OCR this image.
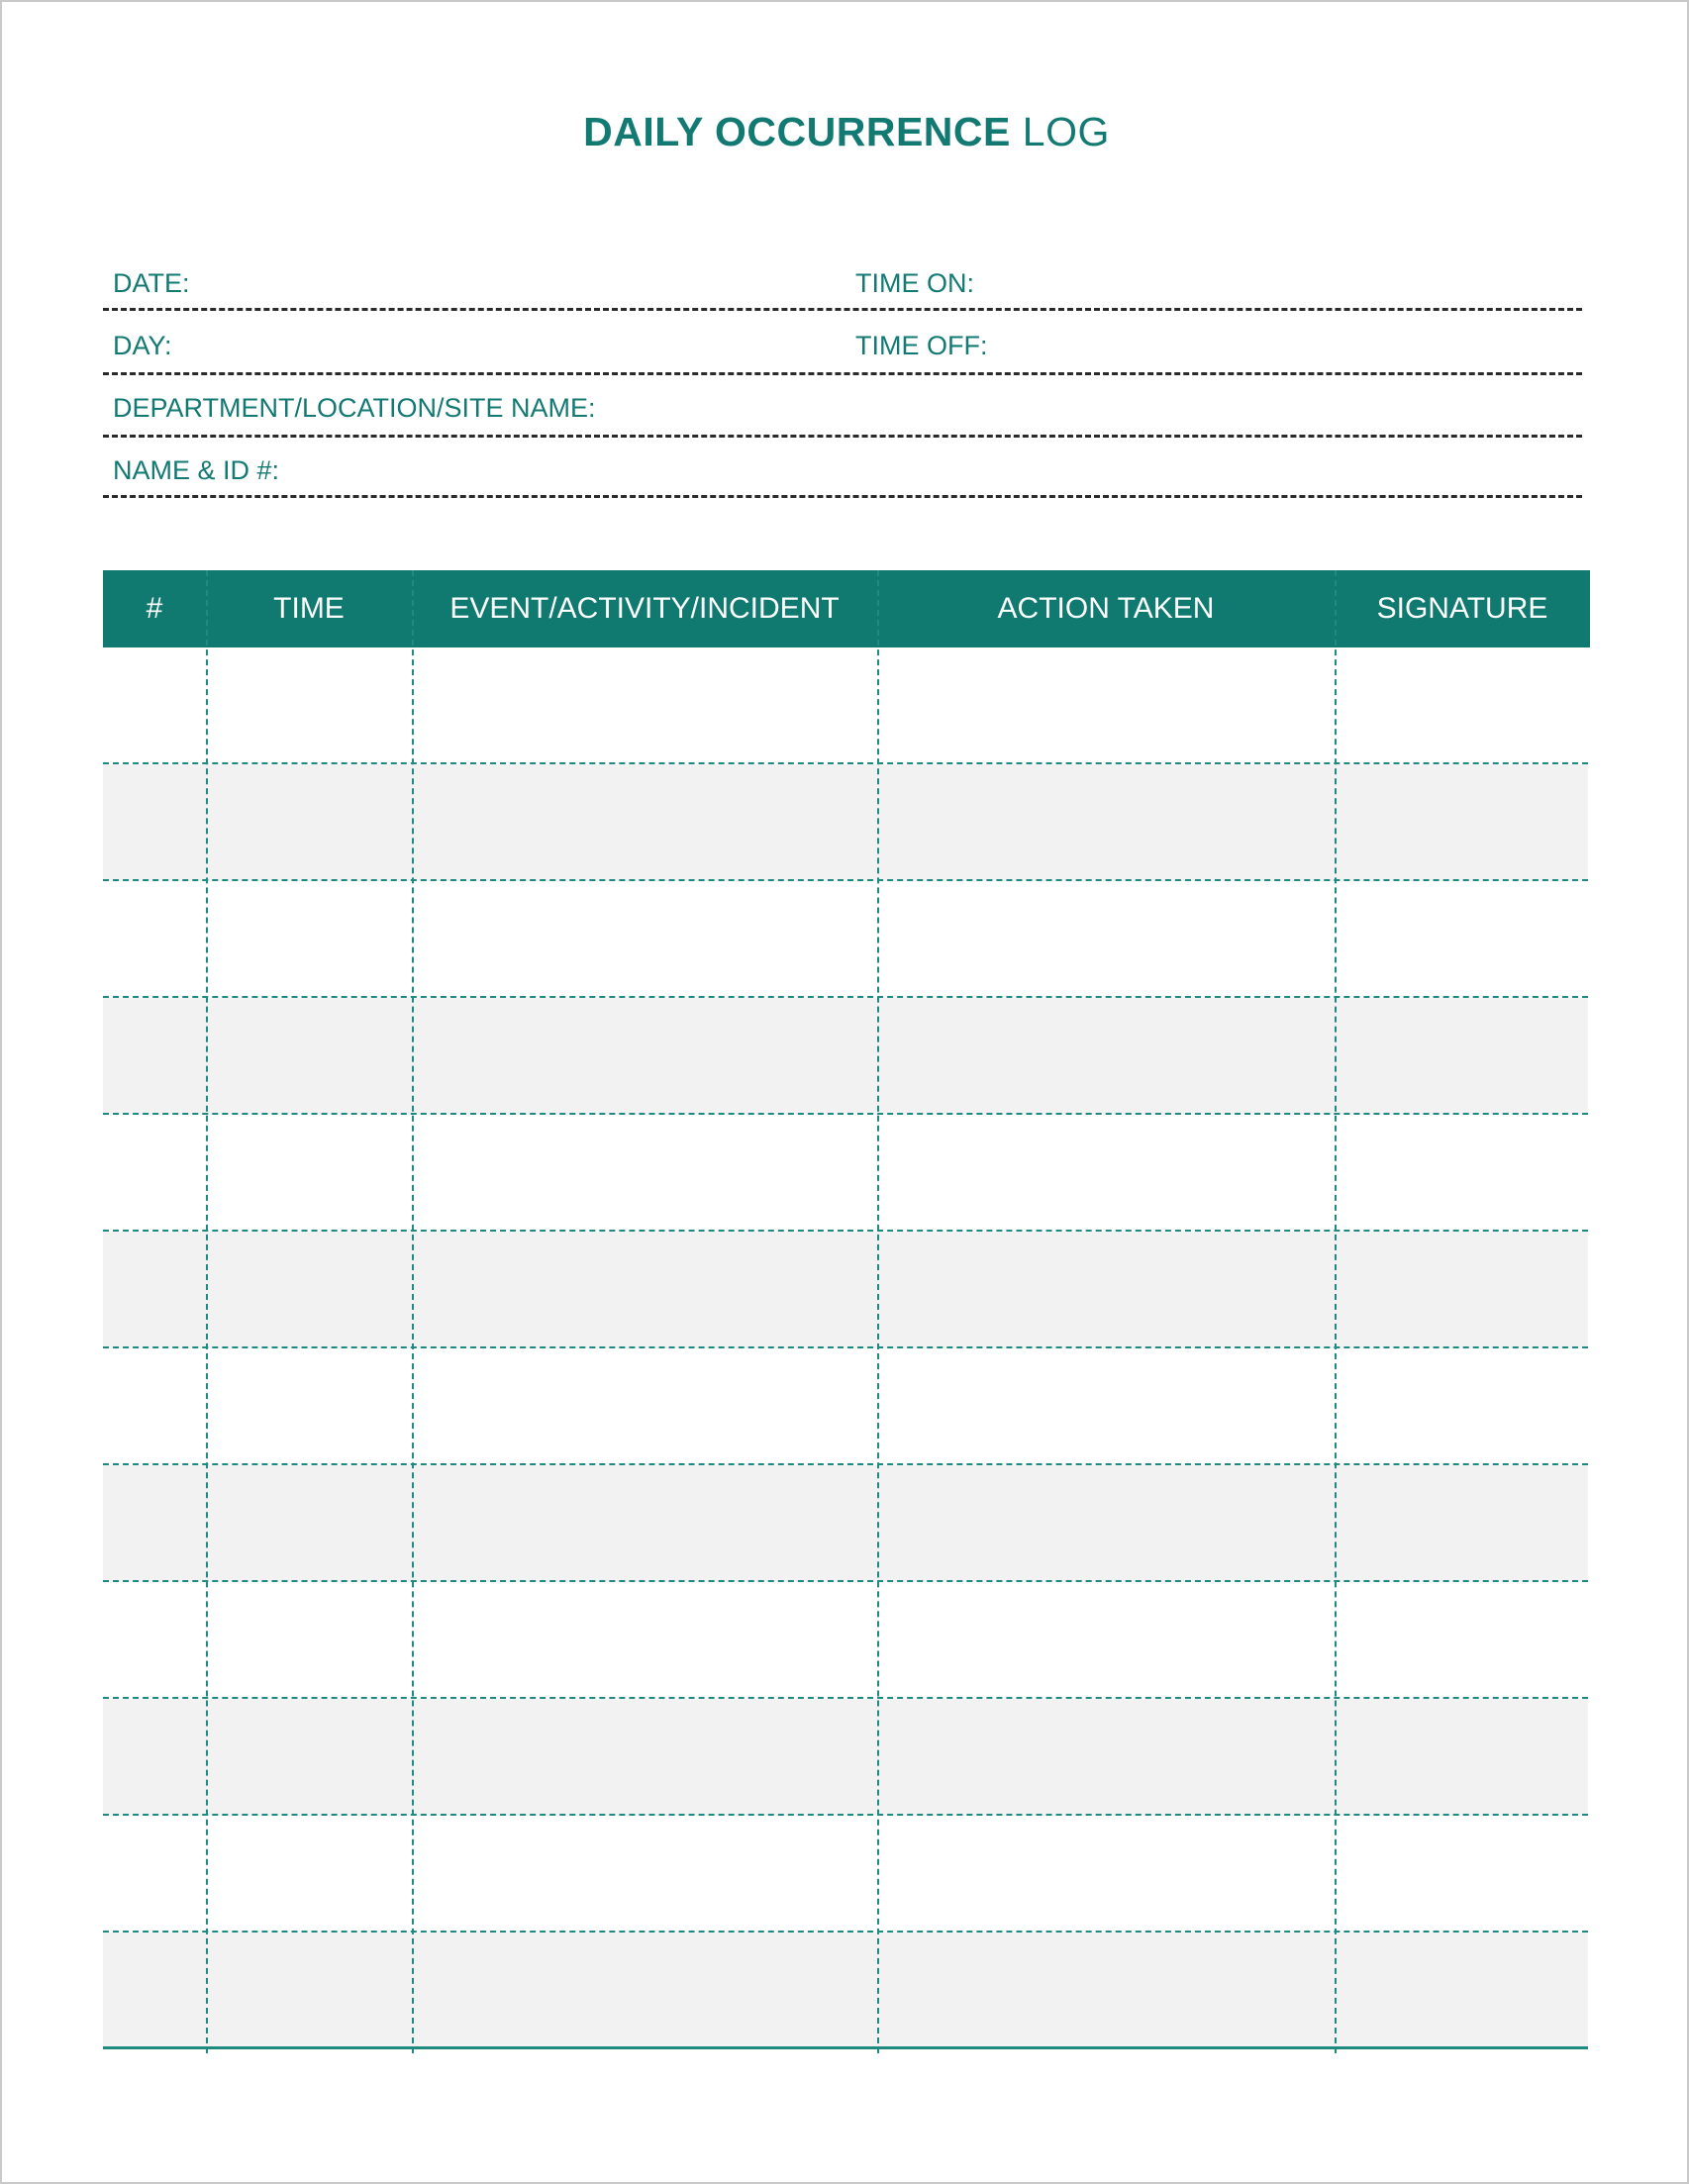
DAILY OCCURRENCE LOG
DATE:	TIME ON:
DAY:	TIME OFF:
DEPARTMENT/LOCATION/SITE NAME:
NAME & ID #:
#	TIME	EVENT/ACTIVITY/INCIDENT	ACTION TAKEN	SIGNATURE
